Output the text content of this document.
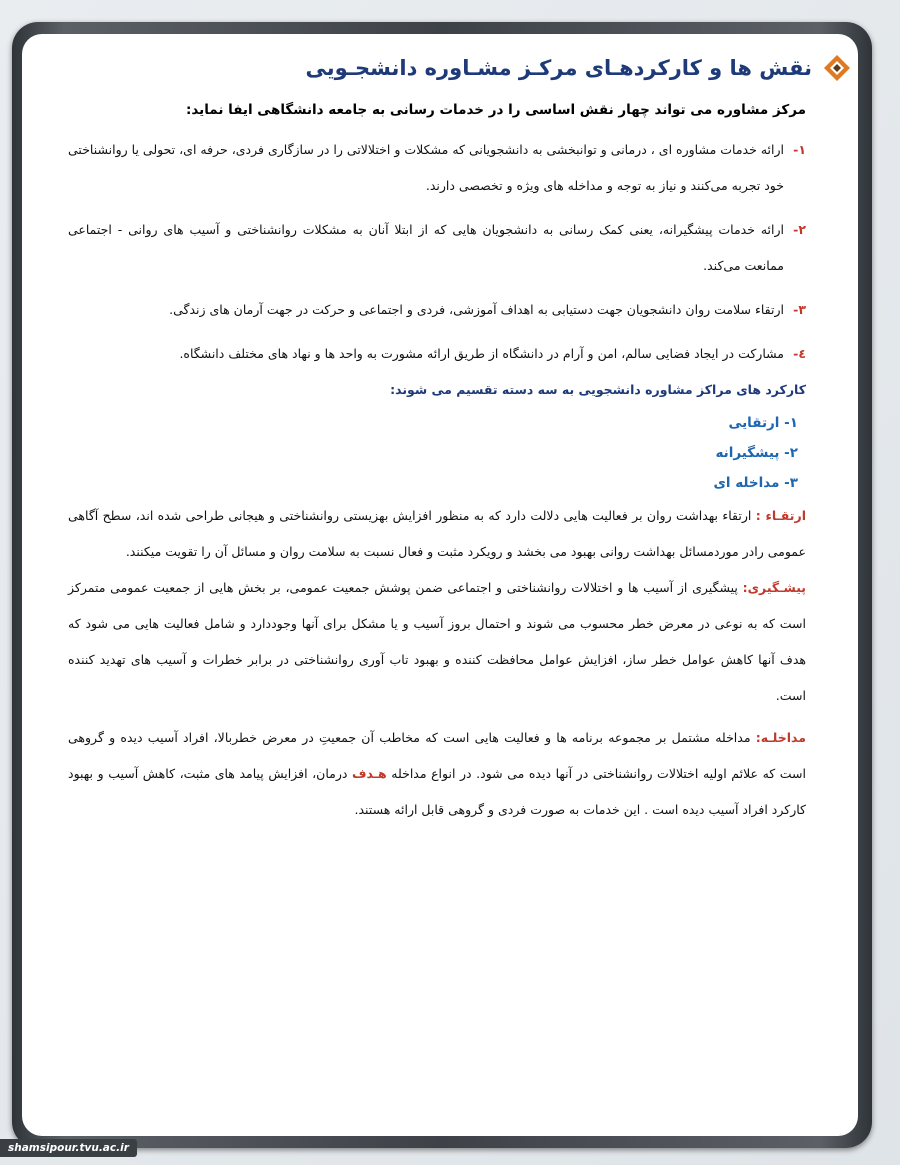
نقش ها و کارکردهـای مرکـز مشـاوره دانشجـویی

مرکز مشاوره می تواند چهار نقش اساسی را در خدمات رسانی به جامعه دانشگاهی ایفا نماید:

۱-
ارائه خدمات مشاوره ای ، درمانی و توانبخشی به دانشجویانی که مشکلات و اختلالاتی را در سازگاری فردی، حرفه ای، تحولی یا روانشناختی خود تجربه می‌کنند و نیاز به توجه و مداخله های ویژه و تخصصی دارند.
۲-
ارائه خدمات پیشگیرانه، یعنی کمک رسانی به دانشجویان هایی که از ابتلا آنان به مشکلات روانشناختی و آسیب های روانی - اجتماعی ممانعت می‌کند.
۳-
ارتقاء سلامت روان دانشجویان جهت دستیابی به اهداف آموزشی، فردی و اجتماعی و حرکت در جهت آرمان های زندگی.
٤-
مشارکت در ایجاد فضایی سالم، امن و آرام در دانشگاه از طریق ارائه مشورت به واحد ها و نهاد های مختلف دانشگاه.
کارکرد های مراکز مشاوره دانشجویی به سه دسته تقسیم می شوند:
۱- ارتقایی
۲- پیشگیرانه
۳- مداخله ای

ارتقـاء : ارتقاء بهداشت روان بر فعالیت هایی دلالت دارد که به منظور افزایش بهزیستی روانشناختی و هیجانی طراحی شده اند، سطح آگاهی عمومی رادر موردمسائل بهداشت روانی بهبود می بخشد و رویکرد مثبت و فعال نسبت به سلامت روان و مسائل آن را تقویت میکنند.

پیشـگیری: پیشگیری از آسیب ها و اختلالات روانشناختی و اجتماعی ضمن پوشش جمعیت عمومی، بر بخش هایی از جمعیت عمومی متمرکز است که به نوعی در معرض خطر محسوب می شوند و احتمال بروز آسیب و یا مشکل برای آنها وجوددارد و شامل فعالیت هایی می شود که هدف آنها کاهش عوامل خطر ساز، افزایش عوامل محافظت کننده و بهبود تاب آوری روانشناختی در برابر خطرات و آسیب های تهدید کننده است.

مداخلـه: مداخله مشتمل بر مجموعه برنامه ها و فعالیت هایی است که مخاطب آن جمعیتِ در معرض خطربالا، افراد آسیب دیده و گروهی است که علائم اولیه اختلالات روانشناختی در آنها دیده می شود. در انواع مداخله هـدف درمان، افزایش پیامد های مثبت، کاهش آسیب و بهبود کارکرد افراد آسیب دیده است . این خدمات به صورت فردی و گروهی قابل ارائه هستند.

shamsipour.tvu.ac.ir
